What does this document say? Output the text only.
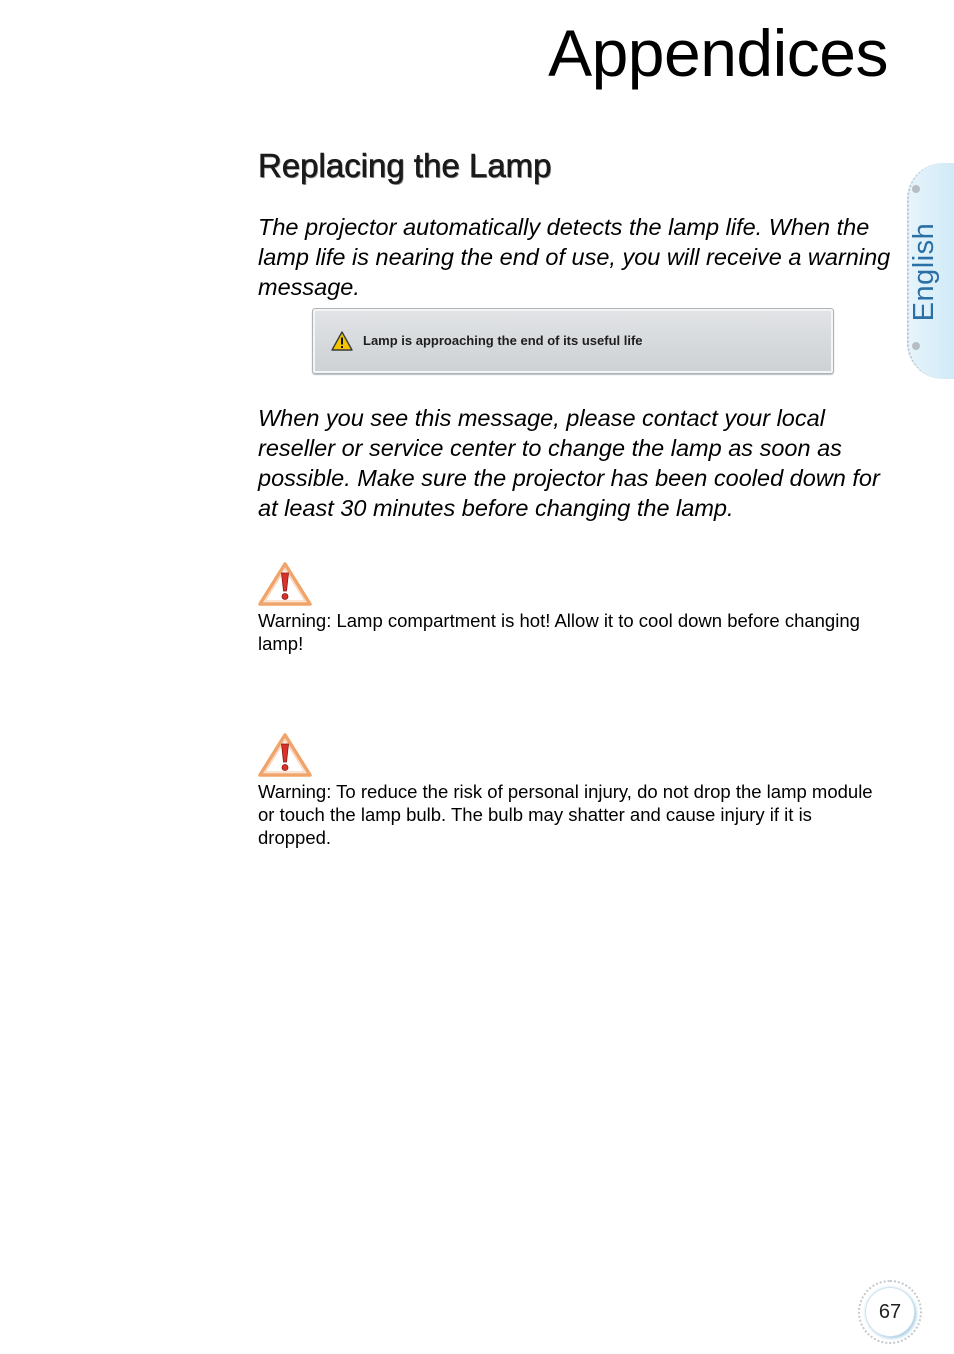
Appendices
Replacing the Lamp

The projector automatically detects the lamp life. When the lamp life is nearing the end of use, you will receive a warning message.

Lamp is approaching the end of its useful life

When you see this message, please contact your local reseller or service center to change the lamp as soon as possible. Make sure the projector has been cooled down for at least 30 minutes before changing the lamp.

Warning: Lamp compartment is hot! Allow it to cool down before changing lamp!

Warning: To reduce the risk of personal injury, do not drop the lamp module or touch the lamp bulb. The bulb may shatter and cause injury if it is dropped.

English
67
